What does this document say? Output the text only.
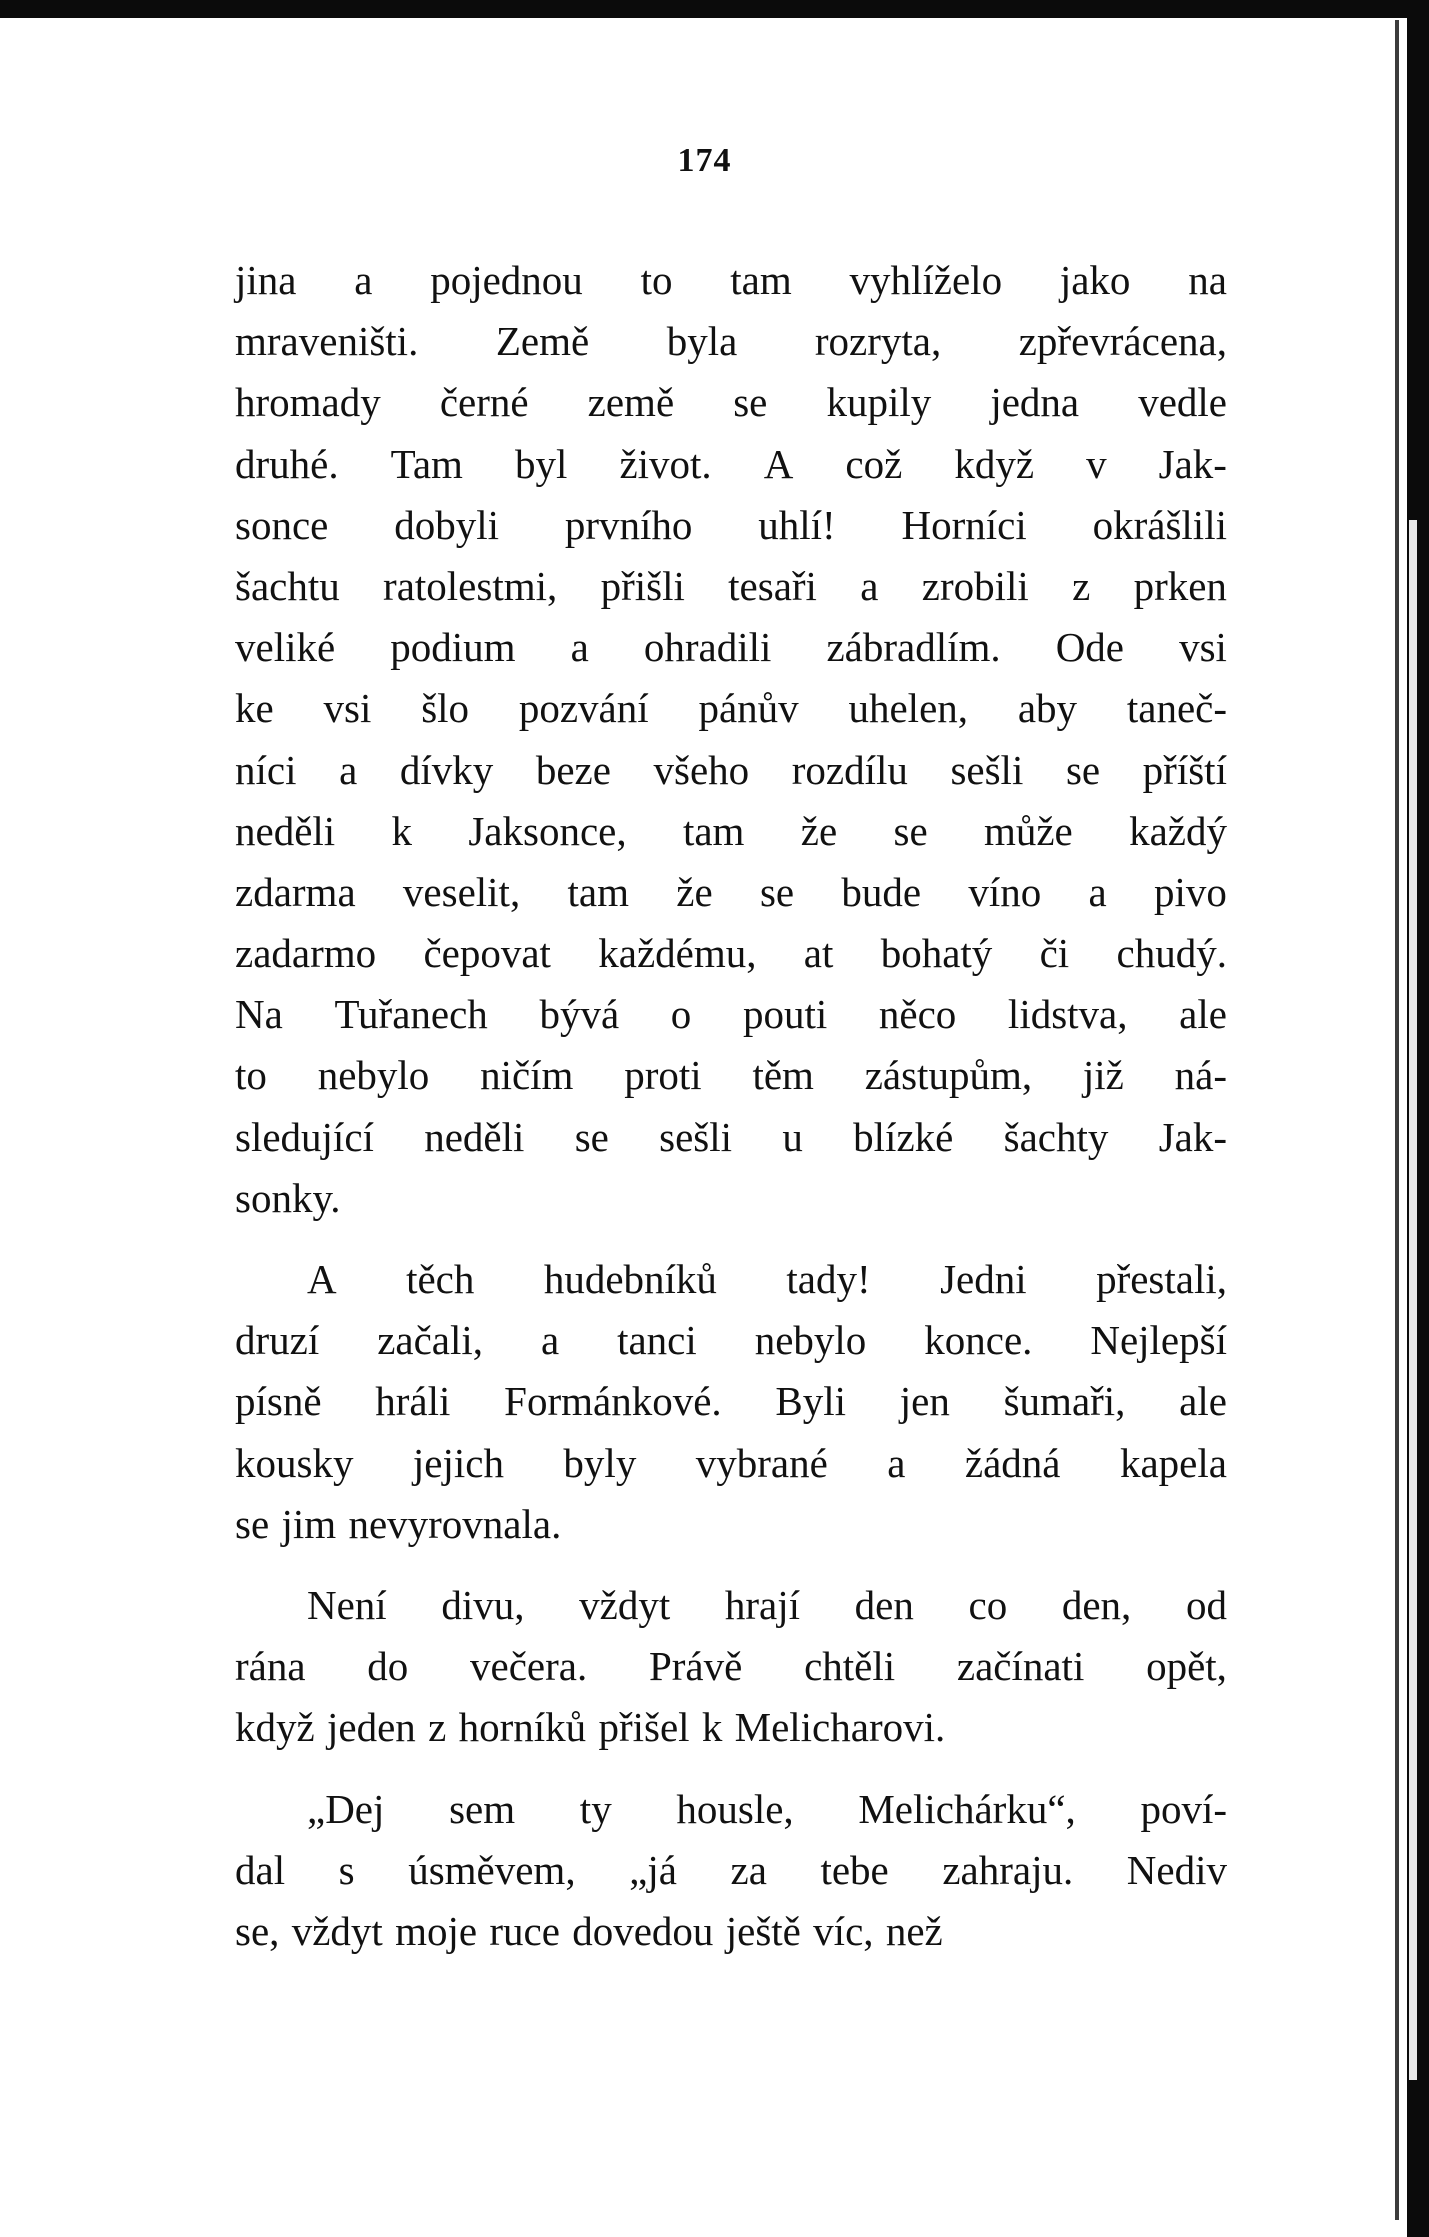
174
jina a pojednou to tam vyhlíželo jako na
mraveništi. Země byla rozryta, zpřevrácena,
hromady černé země se kupily jedna vedle
druhé. Tam byl život. A což když v Jak-
sonce dobyli prvního uhlí! Horníci okrášlili
šachtu ratolestmi, přišli tesaři a zrobili z prken
veliké podium a ohradili zábradlím. Ode vsi
ke vsi šlo pozvání pánův uhelen, aby taneč-
níci a dívky beze všeho rozdílu sešli se příští
neděli k Jaksonce, tam že se může každý
zdarma veselit, tam že se bude víno a pivo
zadarmo čepovat každému, at bohatý či chudý.
Na Tuřanech bývá o pouti něco lidstva, ale
to nebylo ničím proti těm zástupům, již ná-
sledující neděli se sešli u blízké šachty Jak-
sonky.
A těch hudebníků tady! Jedni přestali,
druzí začali, a tanci nebylo konce. Nejlepší
písně hráli Formánkové. Byli jen šumaři, ale
kousky jejich byly vybrané a žádná kapela
se jim nevyrovnala.
Není divu, vždyt hrají den co den, od
rána do večera. Právě chtěli začínati opět,
když jeden z horníků přišel k Melicharovi.
„Dej sem ty housle, Melichárku“, poví-
dal s úsměvem, „já za tebe zahraju. Nediv
se, vždyt moje ruce dovedou ještě víc, než
